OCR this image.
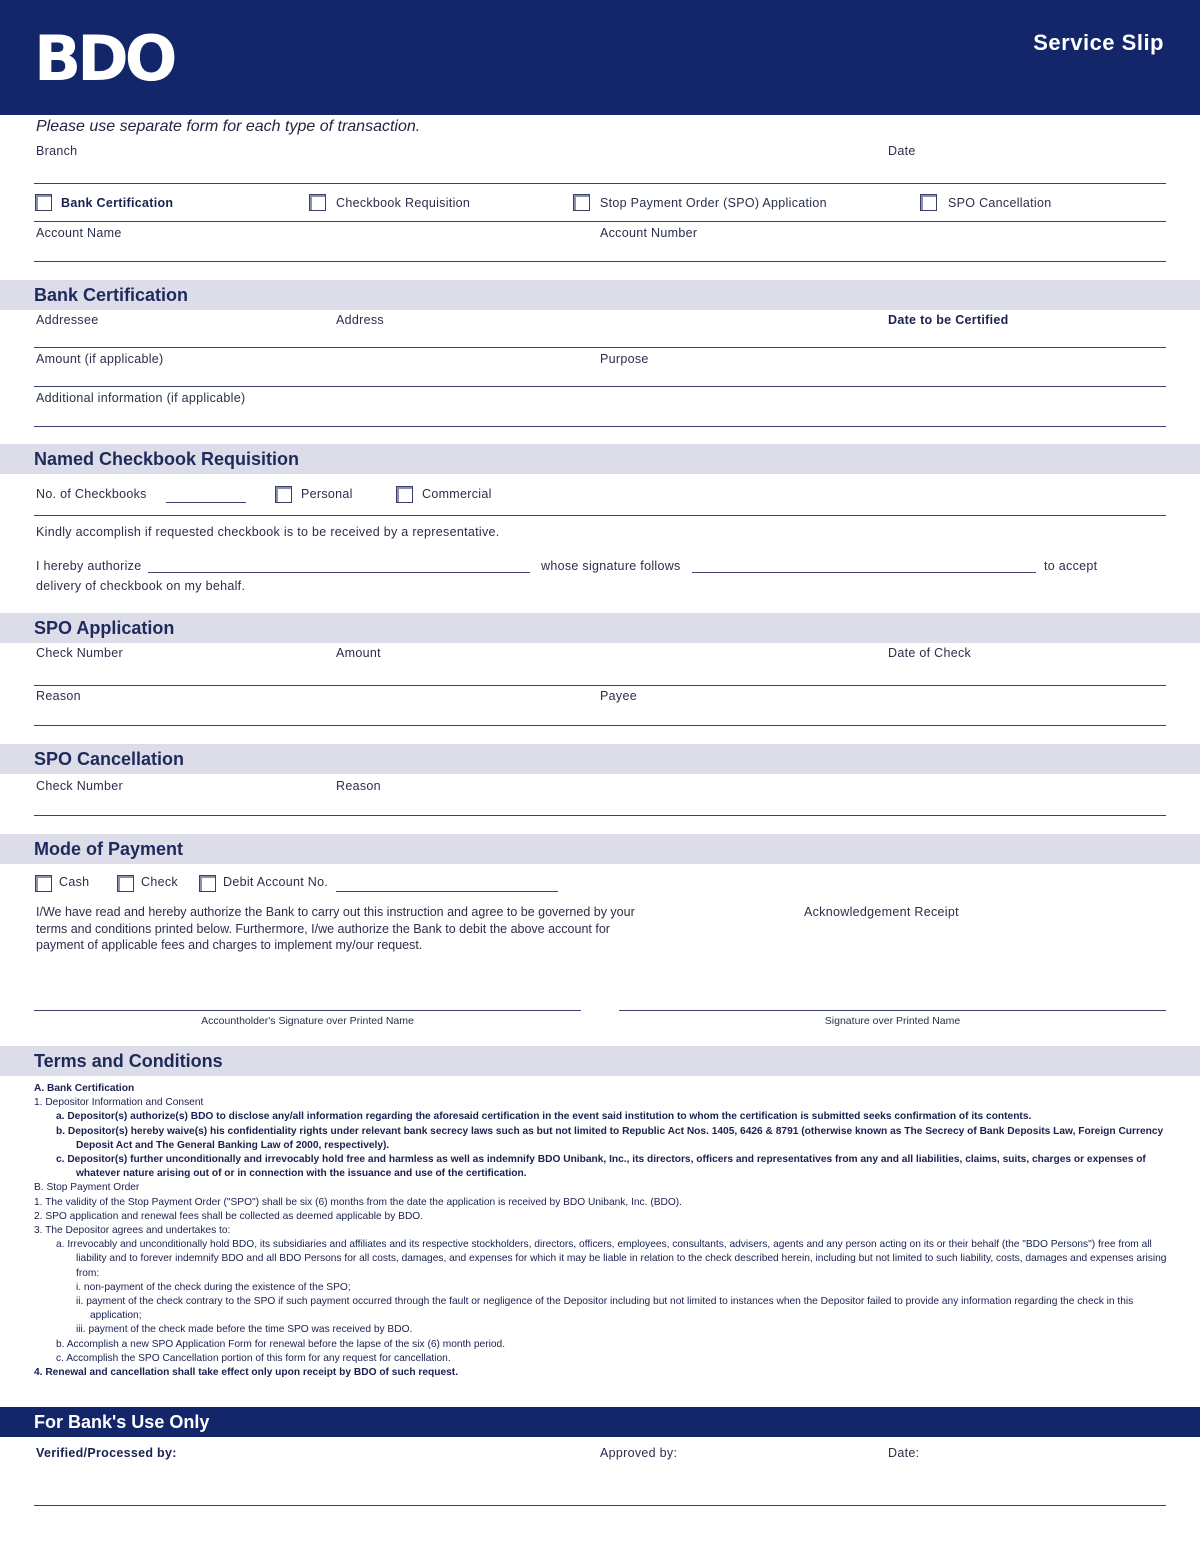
BDO	Service Slip
Please use separate form for each type of transaction.
Branch	Date
Bank Certification	Checkbook Requisition	Stop Payment Order (SPO) Application	SPO Cancellation
Account Name	Account Number
Bank Certification
Addressee	Address	Date to be Certified
Amount (if applicable)	Purpose
Additional information (if applicable)
Named Checkbook Requisition
No. of Checkbooks	Personal	Commercial
Kindly accomplish if requested checkbook is to be received by a representative.
I hereby authorize	whose signature follows	to accept
delivery of checkbook on my behalf.
SPO Application
Check Number	Amount	Date of Check
Reason	Payee
SPO Cancellation
Check Number	Reason
Mode of Payment
Cash	Check	Debit Account No.
I/We have read and hereby authorize the Bank to carry out this instruction and agree to be governed by your terms and conditions printed below. Furthermore, I/we authorize the Bank to debit the above account for payment of applicable fees and charges to implement my/our request.
Acknowledgement Receipt
Accountholder's Signature over Printed Name	Signature over Printed Name
Terms and Conditions
A. Bank Certification
1. Depositor Information and Consent
a. Depositor(s) authorize(s) BDO to disclose any/all information regarding the aforesaid certification in the event said institution to whom the certification is submitted seeks confirmation of its contents.
b. Depositor(s) hereby waive(s) his confidentiality rights under relevant bank secrecy laws such as but not limited to Republic Act Nos. 1405, 6426 & 8791 (otherwise known as The Secrecy of Bank Deposits Law, Foreign Currency Deposit Act and The General Banking Law of 2000, respectively).
c. Depositor(s) further unconditionally and irrevocably hold free and harmless as well as indemnify BDO Unibank, Inc., its directors, officers and representatives from any and all liabilities, claims, suits, charges or expenses of whatever nature arising out of or in connection with the issuance and use of the certification.
B. Stop Payment Order
1. The validity of the Stop Payment Order ("SPO") shall be six (6) months from the date the application is received by BDO Unibank, Inc. (BDO).
2. SPO application and renewal fees shall be collected as deemed applicable by BDO.
3. The Depositor agrees and undertakes to:
a. Irrevocably and unconditionally hold BDO, its subsidiaries and affiliates and its respective stockholders, directors, officers, employees, consultants, advisers, agents and any person acting on its or their behalf (the "BDO Persons") free from all liability and to forever indemnify BDO and all BDO Persons for all costs, damages, and expenses for which it may be liable in relation to the check described herein, including but not limited to such liability, costs, damages and expenses arising from:
i. non-payment of the check during the existence of the SPO;
ii. payment of the check contrary to the SPO if such payment occurred through the fault or negligence of the Depositor including but not limited to instances when the Depositor failed to provide any information regarding the check in this application;
iii. payment of the check made before the time SPO was received by BDO.
b. Accomplish a new SPO Application Form for renewal before the lapse of the six (6) month period.
c. Accomplish the SPO Cancellation portion of this form for any request for cancellation.
4. Renewal and cancellation shall take effect only upon receipt by BDO of such request.
For Bank's Use Only
Verified/Processed by:	Approved by:	Date:
